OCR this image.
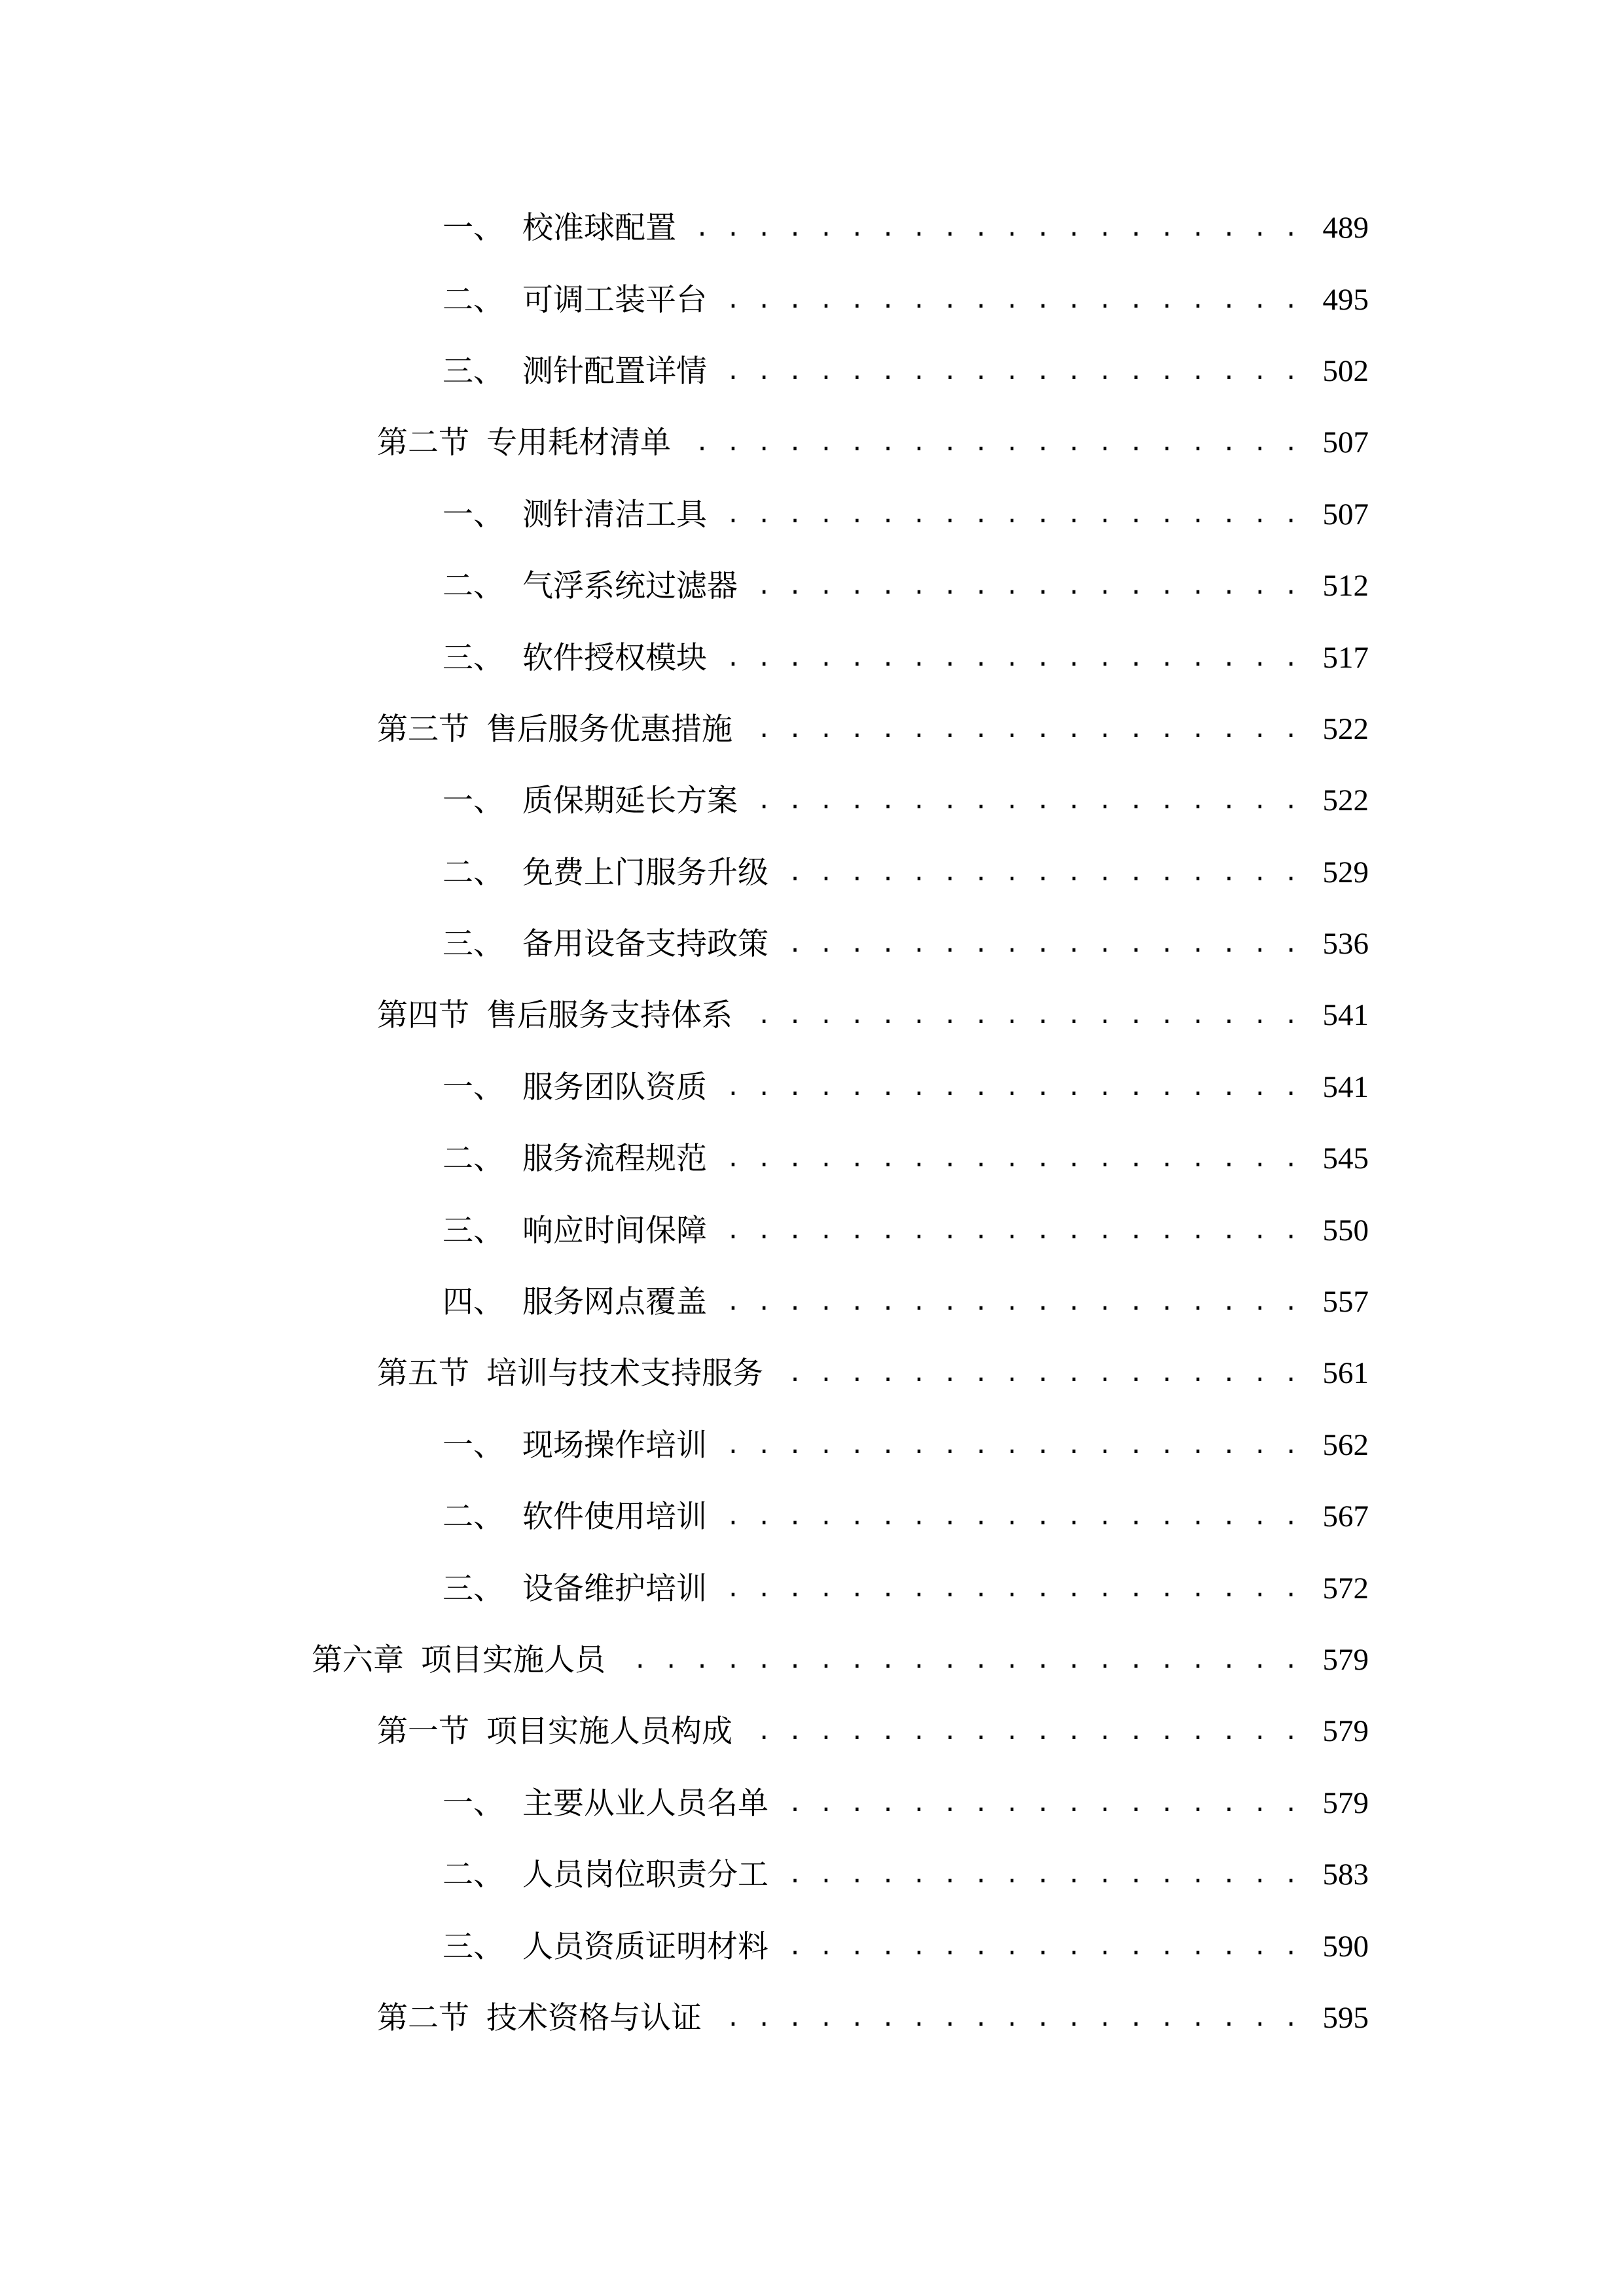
一、 校准球配置 . . .	489
二、 可调工装平台 . . .	495
三、 测针配置详情 . . .	502
第二节 专用耗材清单 . . .	507
一、 测针清洁工具 . . .	507
二、 气浮系统过滤器 . . .	512
三、 软件授权模块 . . .	517
第三节 售后服务优惠措施 . . .	522
一、 质保期延长方案 . . .	522
二、 免费上门服务升级 . . .	529
三、 备用设备支持政策 . . .	536
第四节 售后服务支持体系 . . .	541
一、 服务团队资质 . . .	541
二、 服务流程规范 . . .	545
三、 响应时间保障 . . .	550
四、 服务网点覆盖 . . .	557
第五节 培训与技术支持服务 . . .	561
一、 现场操作培训 . . .	562
二、 软件使用培训 . . .	567
三、 设备维护培训 . . .	572
第六章 项目实施人员 . . .	579
第一节 项目实施人员构成 . . .	579
一、 主要从业人员名单 . . .	579
二、 人员岗位职责分工 . . .	583
三、 人员资质证明材料 . . .	590
第二节 技术资格与认证 . . .	595
